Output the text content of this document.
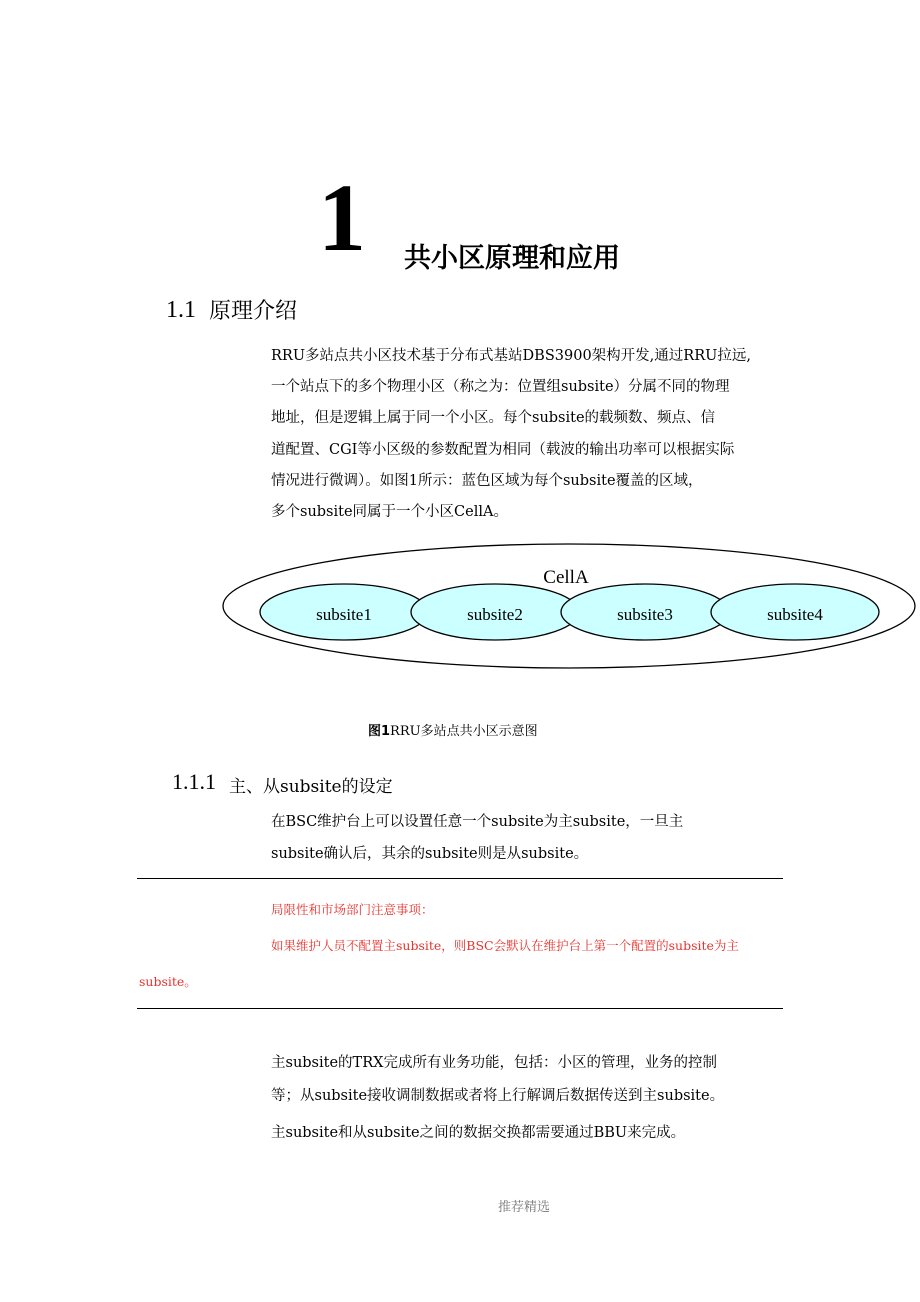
1 共小区原理和应用
1.1 原理介绍
RRU多站点共小区技术基于分布式基站DBS3900架构开发,通过RRU拉远,
一个站点下的多个物理小区（称之为：位置组subsite）分属不同的物理
地址，但是逻辑上属于同一个小区。每个subsite的载频数、频点、信
道配置、CGI等小区级的参数配置为相同（载波的输出功率可以根据实际
情况进行微调）。如图1所示：蓝色区域为每个subsite覆盖的区域，
多个subsite同属于一个小区CellA。
CellA
subsite1	subsite2	subsite3	subsite4
图1RRU多站点共小区示意图
1.1.1 主、从subsite的设定
在BSC维护台上可以设置任意一个subsite为主subsite，一旦主
subsite确认后，其余的subsite则是从subsite。
局限性和市场部门注意事项：
如果维护人员不配置主subsite，则BSC会默认在维护台上第一个配置的subsite为主
subsite。
主subsite的TRX完成所有业务功能，包括：小区的管理，业务的控制
等；从subsite接收调制数据或者将上行解调后数据传送到主subsite。
主subsite和从subsite之间的数据交换都需要通过BBU来完成。
推荐精选
